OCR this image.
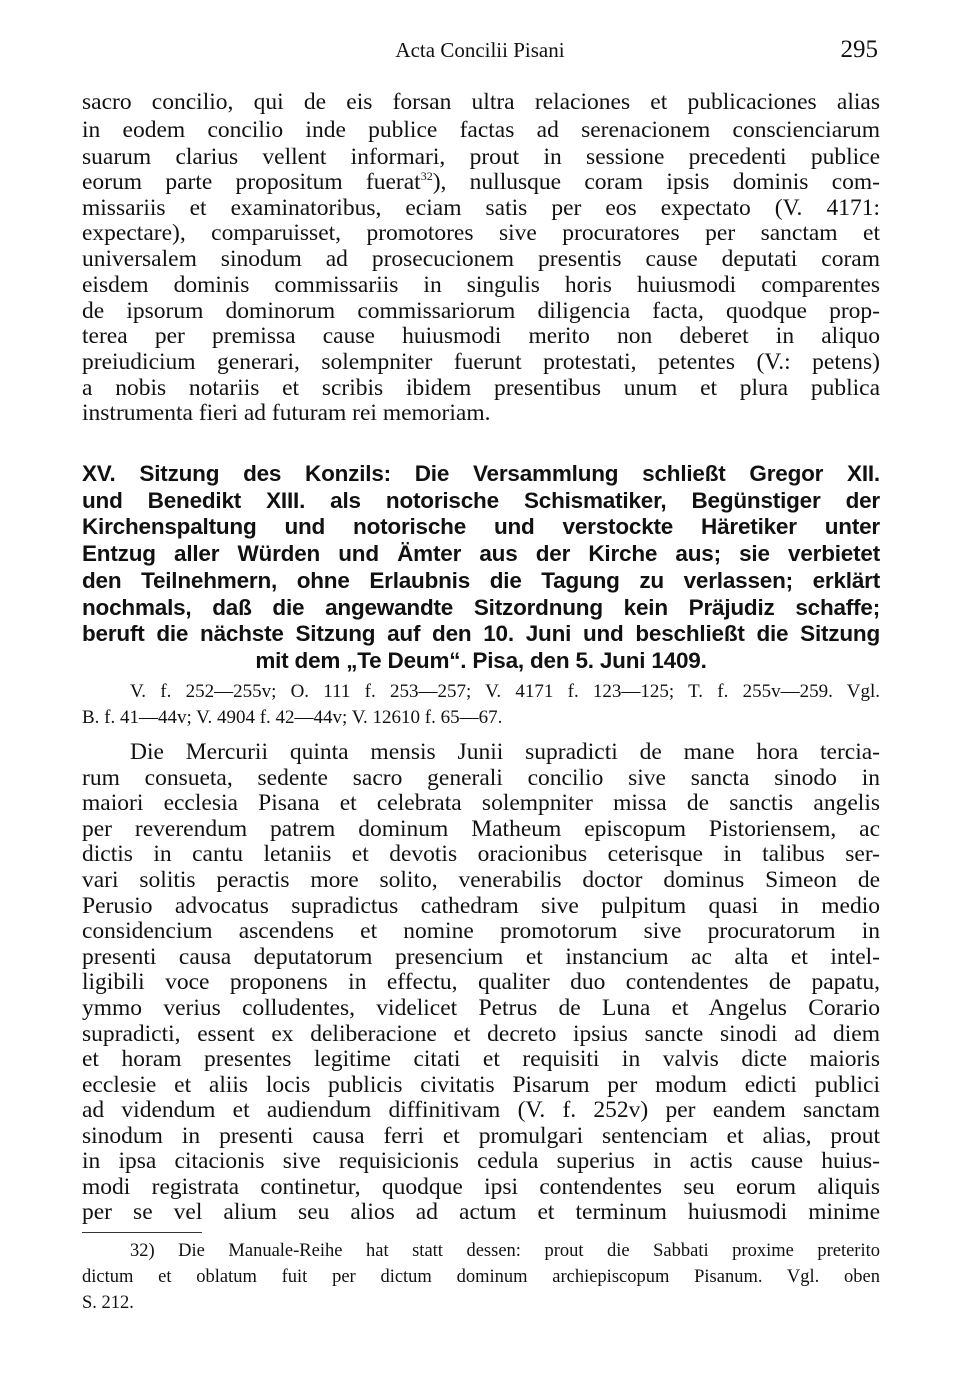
Acta Concilii Pisani	295
sacro concilio, qui de eis forsan ultra relaciones et publicaciones alias
in eodem concilio inde publice factas ad serenacionem conscienciarum
suarum clarius vellent informari, prout in sessione precedenti publice
eorum parte propositum fuerat$^{32}$), nullusque coram ipsis dominis com-
missariis et examinatoribus, eciam satis per eos expectato (V. 4171:
expectare), comparuisset, promotores sive procuratores per sanctam et
universalem sinodum ad prosecucionem presentis cause deputati coram
eisdem dominis commissariis in singulis horis huiusmodi comparentes
de ipsorum dominorum commissariorum diligencia facta, quodque prop-
terea per premissa cause huiusmodi merito non deberet in aliquo
preiudicium generari, solempniter fuerunt protestati, petentes (V.: petens)
a nobis notariis et scribis ibidem presentibus unum et plura publica
instrumenta fieri ad futuram rei memoriam.
XV. Sitzung des Konzils: Die Versammlung schließt Gregor XII.
und Benedikt XIII. als notorische Schismatiker, Begünstiger der
Kirchenspaltung und notorische und verstockte Häretiker unter
Entzug aller Würden und Ämter aus der Kirche aus; sie verbietet
den Teilnehmern, ohne Erlaubnis die Tagung zu verlassen; erklärt
nochmals, daß die angewandte Sitzordnung kein Präjudiz schaffe;
beruft die nächste Sitzung auf den 10. Juni und beschließt die Sitzung
mit dem „Te Deum“. Pisa, den 5. Juni 1409.
V. f. 252—255v; O. 111 f. 253—257; V. 4171 f. 123—125; T. f. 255v—259. Vgl.
B. f. 41—44v; V. 4904 f. 42—44v; V. 12610 f. 65—67.
Die Mercurii quinta mensis Junii supradicti de mane hora tercia-
rum consueta, sedente sacro generali concilio sive sancta sinodo in
maiori ecclesia Pisana et celebrata solempniter missa de sanctis angelis
per reverendum patrem dominum Matheum episcopum Pistoriensem, ac
dictis in cantu letaniis et devotis oracionibus ceterisque in talibus ser-
vari solitis peractis more solito, venerabilis doctor dominus Simeon de
Perusio advocatus supradictus cathedram sive pulpitum quasi in medio
considencium ascendens et nomine promotorum sive procuratorum in
presenti causa deputatorum presencium et instancium ac alta et intel-
ligibili voce proponens in effectu, qualiter duo contendentes de papatu,
ymmo verius colludentes, videlicet Petrus de Luna et Angelus Corario
supradicti, essent ex deliberacione et decreto ipsius sancte sinodi ad diem
et horam presentes legitime citati et requisiti in valvis dicte maioris
ecclesie et aliis locis publicis civitatis Pisarum per modum edicti publici
ad videndum et audiendum diffinitivam (V. f. 252v) per eandem sanctam
sinodum in presenti causa ferri et promulgari sentenciam et alias, prout
in ipsa citacionis sive requisicionis cedula superius in actis cause huius-
modi registrata continetur, quodque ipsi contendentes seu eorum aliquis
per se vel alium seu alios ad actum et terminum huiusmodi minime
32) Die Manuale-Reihe hat statt dessen: prout die Sabbati proxime preterito
dictum et oblatum fuit per dictum dominum archiepiscopum Pisanum. Vgl. oben
S. 212.
